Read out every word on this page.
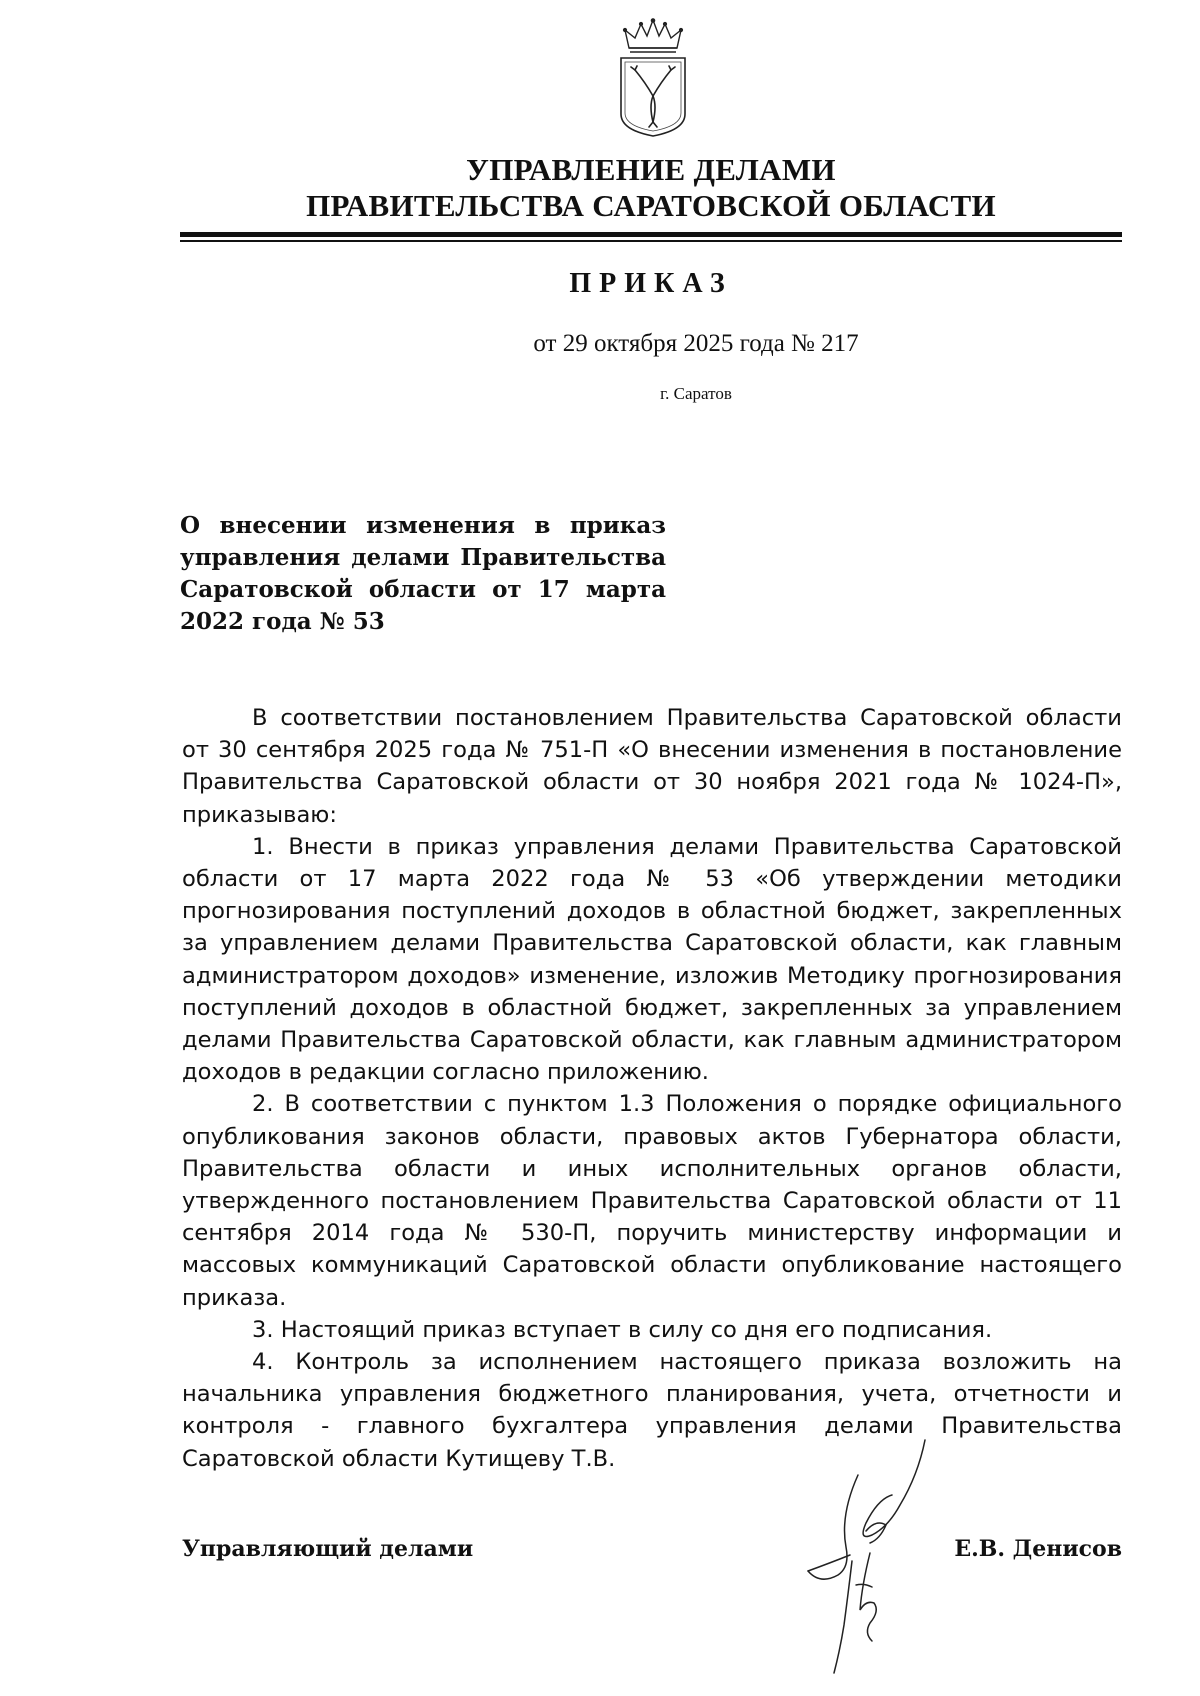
УПРАВЛЕНИЕ ДЕЛАМИ
ПРАВИТЕЛЬСТВА САРАТОВСКОЙ ОБЛАСТИ
ПРИКАЗ
от 29 октября 2025 года № 217
г. Саратов
О внесении изменения в приказ управления делами Правительства Саратовской области от 17 марта 2022 года № 53

В соответствии постановлением Правительства Саратовской области от 30 сентября 2025 года № 751-П «О внесении изменения в постановление Правительства Саратовской области от 30 ноября 2021 года № 1024-П», приказываю:

1. Внести в приказ управления делами Правительства Саратовской области от 17 марта 2022 года № 53 «Об утверждении методики прогнозирования поступлений доходов в областной бюджет, закрепленных за управлением делами Правительства Саратовской области, как главным администратором доходов» изменение, изложив Методику прогнозирования поступлений доходов в областной бюджет, закрепленных за управлением делами Правительства Саратовской области, как главным администратором доходов в редакции согласно приложению.

2. В соответствии с пунктом 1.3 Положения о порядке официального опубликования законов области, правовых актов Губернатора области, Правительства области и иных исполнительных органов области, утвержденного постановлением Правительства Саратовской области от 11 сентября 2014 года № 530-П, поручить министерству информации и массовых коммуникаций Саратовской области опубликование настоящего приказа.

3. Настоящий приказ вступает в силу со дня его подписания.

4. Контроль за исполнением настоящего приказа возложить на начальника управления бюджетного планирования, учета, отчетности и контроля - главного бухгалтера управления делами Правительства Саратовской области Кутищеву Т.В.

Управляющий делами	Е.В. Денисов
